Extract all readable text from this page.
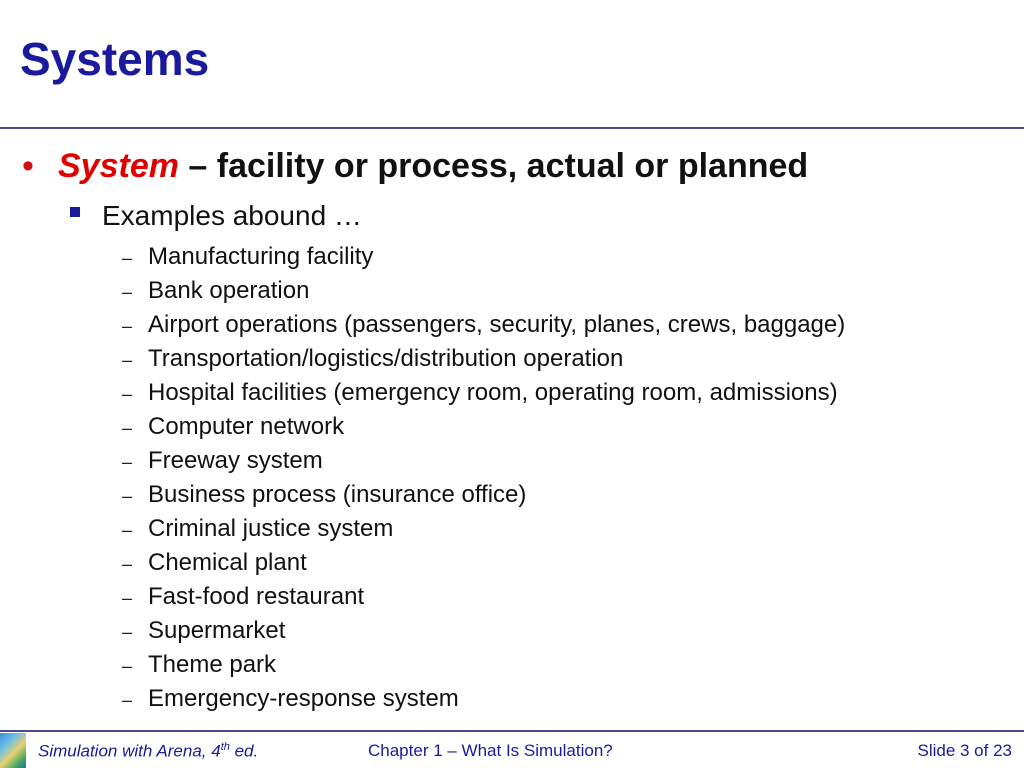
Systems
• System – facility or process, actual or planned
Examples abound …
– Manufacturing facility
– Bank operation
– Airport operations (passengers, security, planes, crews, baggage)
– Transportation/logistics/distribution operation
– Hospital facilities (emergency room, operating room, admissions)
– Computer network
– Freeway system
– Business process (insurance office)
– Criminal justice system
– Chemical plant
– Fast-food restaurant
– Supermarket
– Theme park
– Emergency-response system
Simulation with Arena, 4th ed.	Chapter 1 – What Is Simulation?	Slide 3 of 23
